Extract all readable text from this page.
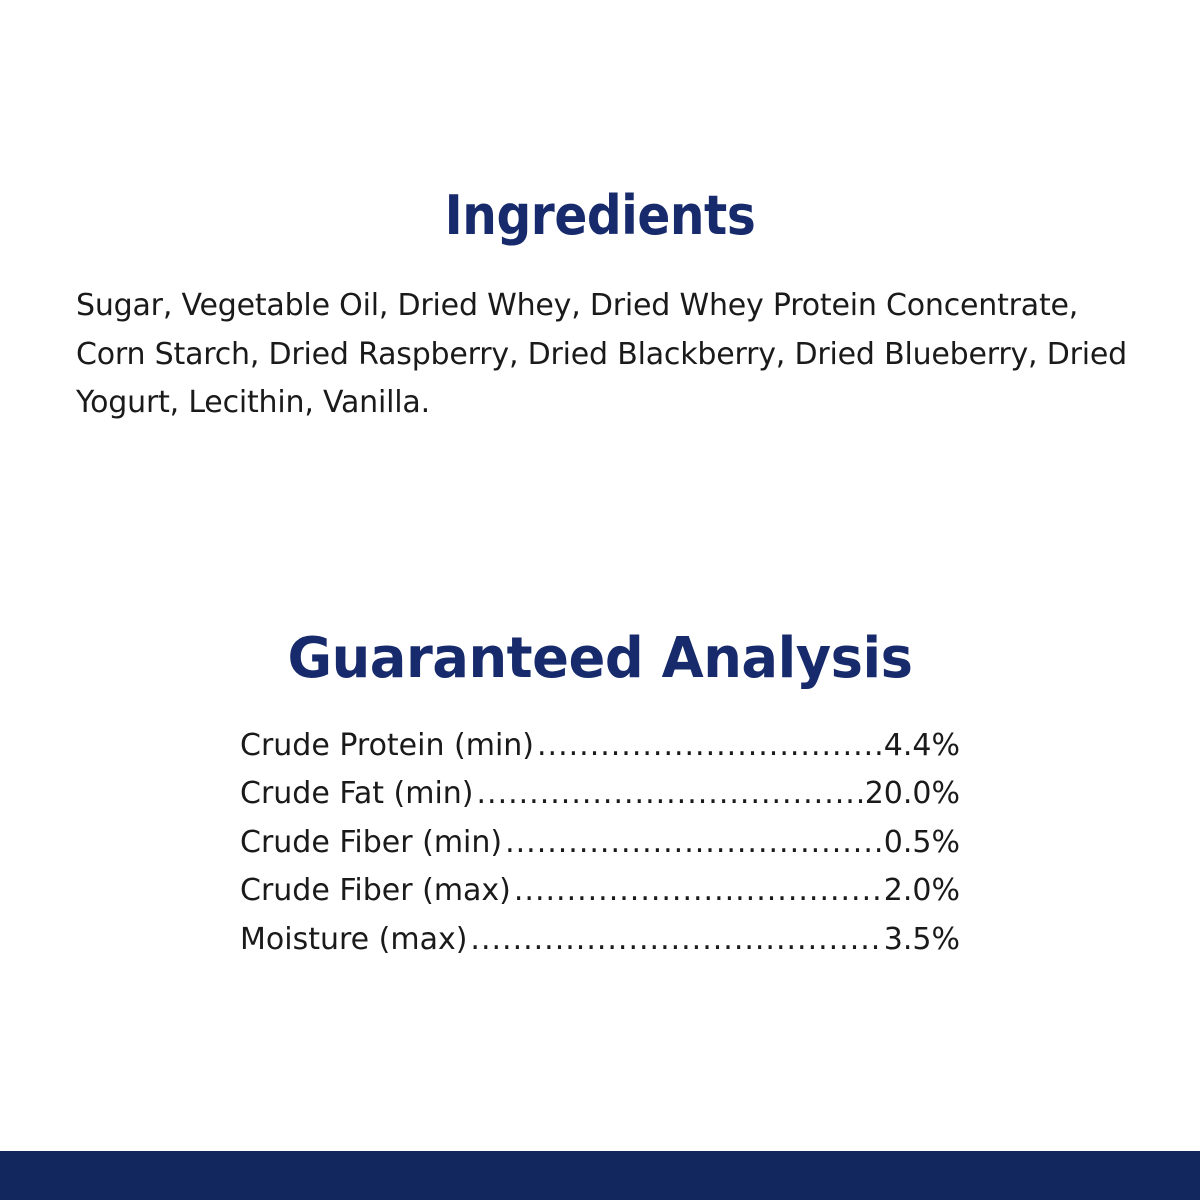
Ingredients

Sugar, Vegetable Oil, Dried Whey, Dried Whey Protein Concentrate, Corn Starch, Dried Raspberry, Dried Blackberry, Dried Blueberry, Dried Yogurt, Lecithin, Vanilla.

Guaranteed Analysis
Crude Protein (min) .....	4.4%
Crude Fat (min) .....	20.0%
Crude Fiber (min) .....	0.5%
Crude Fiber (max) .....	2.0%
Moisture (max) .....	3.5%
